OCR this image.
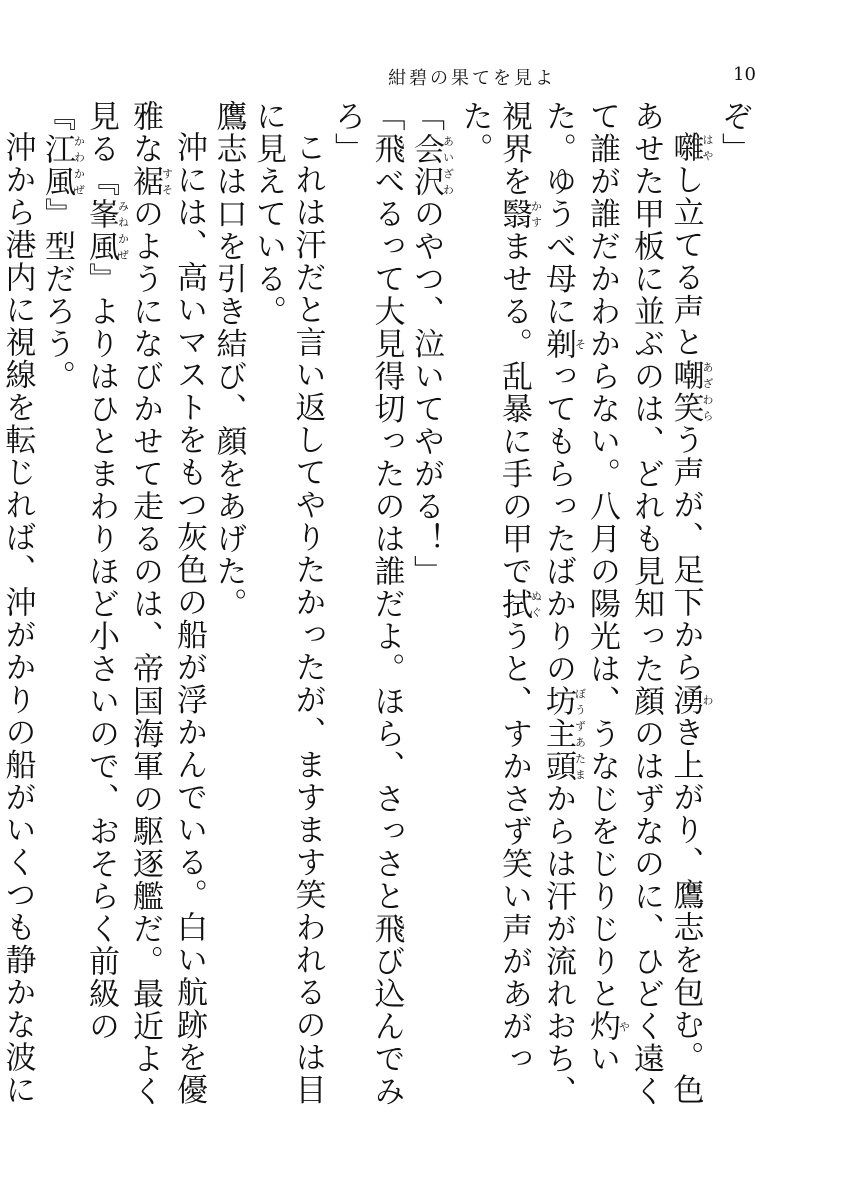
紺碧の果てを見よ	10

ぞ」

囃はやし立てる声と嘲笑あざわらう声が、足下から湧わき上がり、鷹志を包む。色あせた甲板に並ぶのは、どれも見知った顔のはずなのに、ひどく遠くて誰が誰だかわからない。八月の陽光は、うなじをじりじりと灼やいた。ゆうべ母に剃そってもらったばかりの坊主頭ぼうずあたまからは汗が流れおち、視界を翳かすませる。乱暴に手の甲で拭ぬぐうと、すかさず笑い声があがった。

「会沢あいざわのやつ、泣いてやがる！」

「飛べるって大見得切ったのは誰だよ。ほら、さっさと飛び込んでみろ」

これは汗だと言い返してやりたかったが、ますます笑われるのは目に見えている。

鷹志は口を引き結び、顔をあげた。

沖には、高いマストをもつ灰色の船が浮かんでいる。白い航跡を優雅な裾すそのようになびかせて走るのは、帝国海軍の駆逐艦だ。最近よく見る『峯風みねかぜ』よりはひとまわりほど小さいので、おそらく前級の『江風かわかぜ』型だろう。

沖から港内に視線を転じれば、沖がかりの船がいくつも静かな波に
